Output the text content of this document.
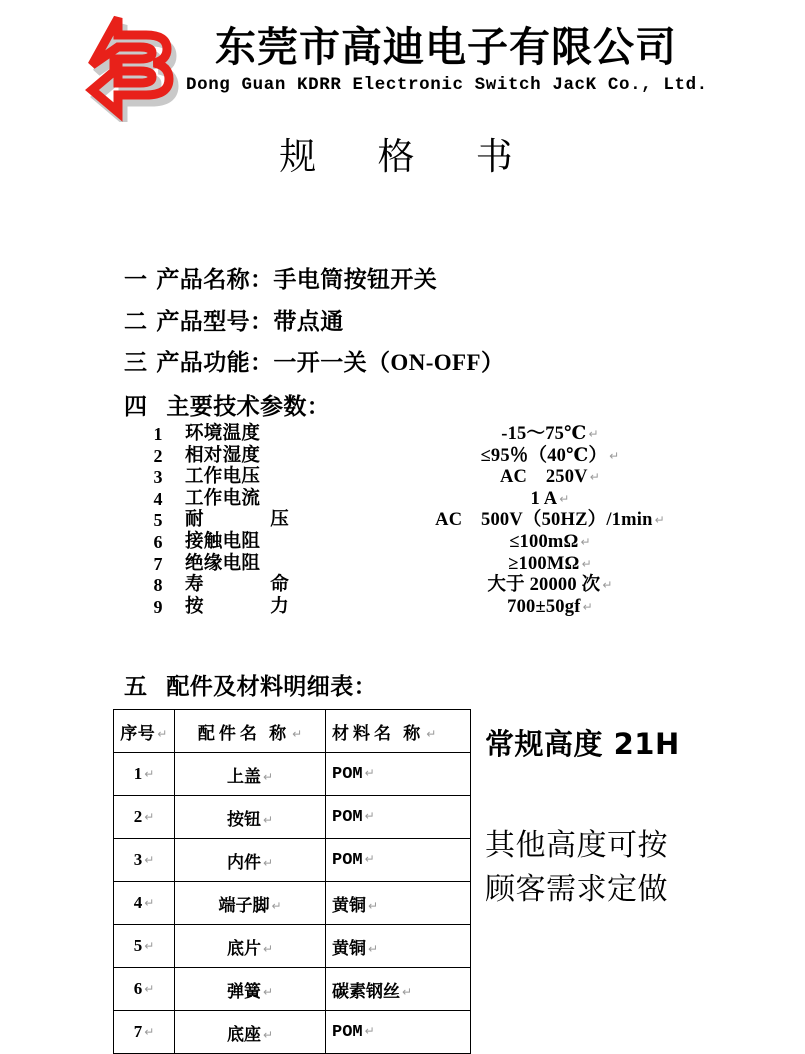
东莞市高迪电子有限公司
Dong Guan KDRR Electronic Switch JacK Co., Ltd.
规 格 书
一 产品名称：手电筒按钮开关
二 产品型号：带点通
三 产品功能：一开一关（ON-OFF）
四 主要技术参数：
1 环境温度	-15～75℃ ↵
2 相对湿度	≤95％（40℃） ↵
3 工作电压	AC　250V ↵
4 工作电流	1 A ↵
5 耐压	AC　500V（50HZ）/1min ↵
6 接触电阻	≤100mΩ ↵
7 绝缘电阻	≥100MΩ ↵
8 寿命	大于 20000 次 ↵
9 按力	700±50gf ↵
五 配件及材料明细表：
序号 ↵	配件名 称 ↵	材料名 称 ↵
1 ↵	上盖 ↵	POM ↵
2 ↵	按钮 ↵	POM ↵
3 ↵	内件 ↵	POM ↵
4 ↵	端子脚 ↵	黄铜 ↵
5 ↵	底片 ↵	黄铜 ↵
6 ↵	弹簧 ↵	碳素钢丝 ↵
7 ↵	底座 ↵	POM ↵
常规高度 21H
其他高度可按
顾客需求定做
